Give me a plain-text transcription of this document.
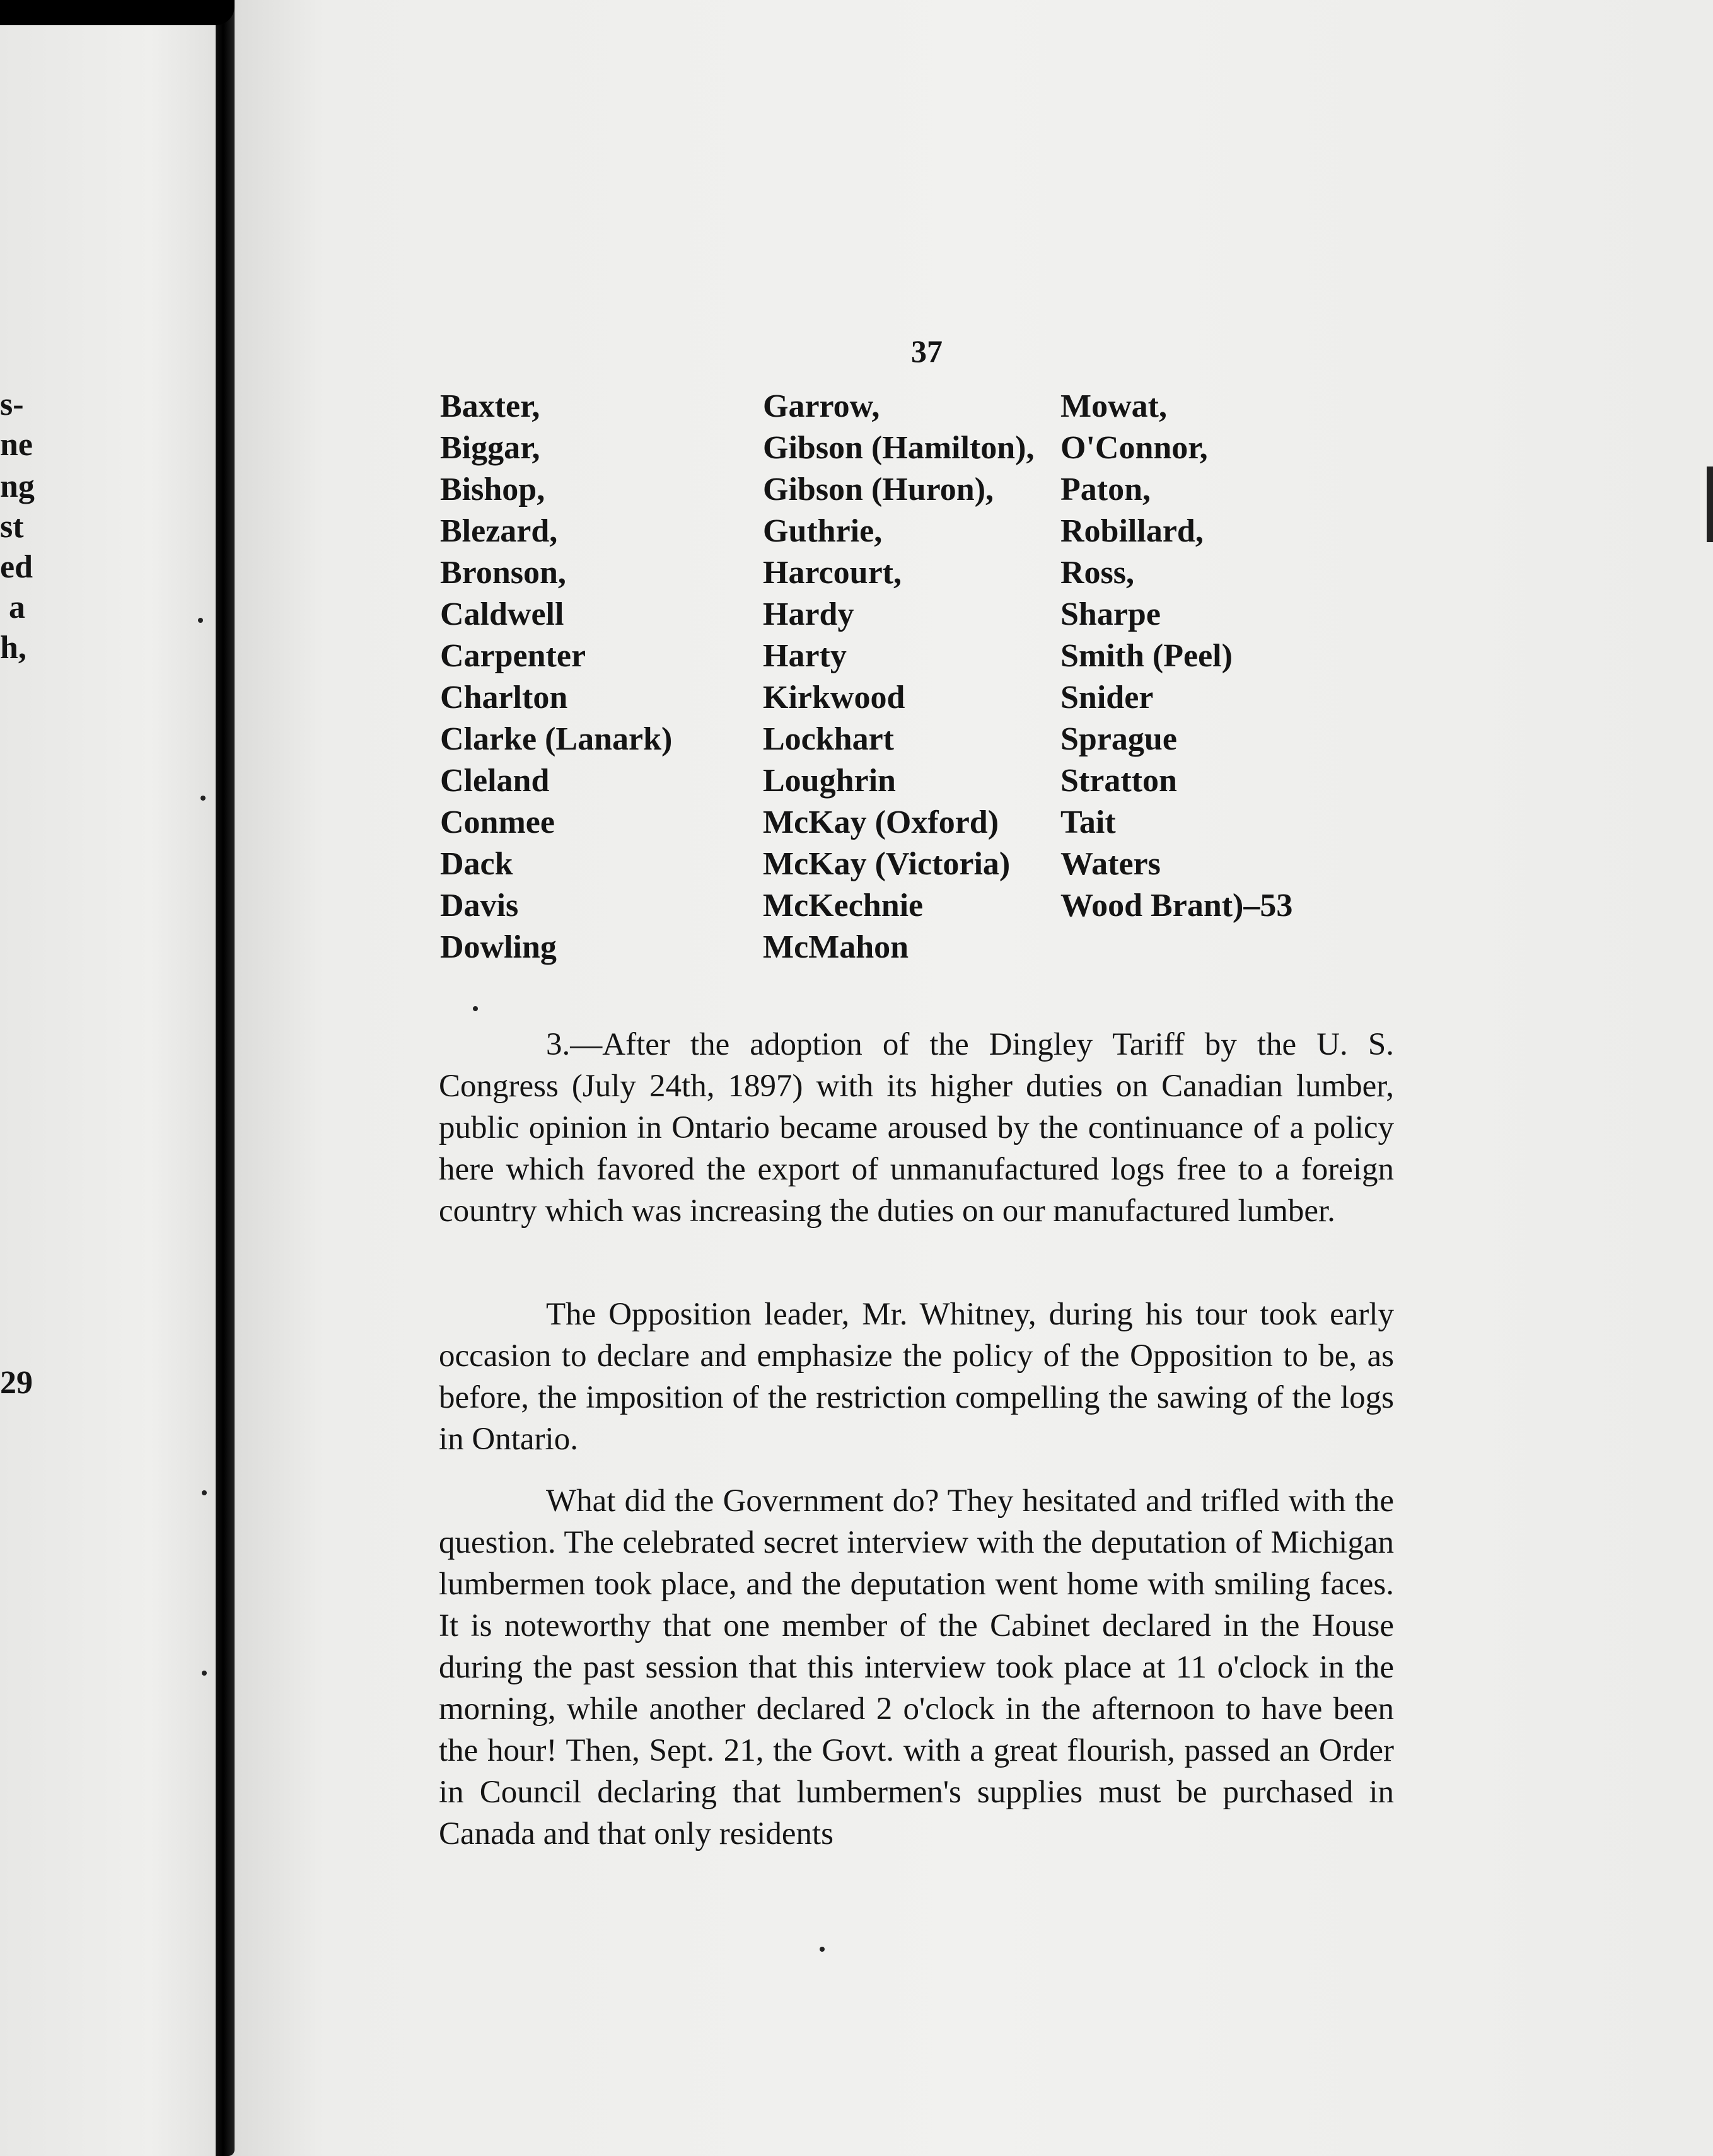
s-
ne
ng
st
ed
a
h,
29
37
Baxter,
Biggar,
Bishop,
Blezard,
Bronson,
Caldwell
Carpenter
Charlton
Clarke (Lanark)
Cleland
Conmee
Dack
Davis
Dowling
Garrow,
Gibson (Hamilton),
Gibson (Huron),
Guthrie,
Harcourt,
Hardy
Harty
Kirkwood
Lockhart
Loughrin
McKay (Oxford)
McKay (Victoria)
McKechnie
McMahon
Mowat,
O'Connor,
Paton,
Robillard,
Ross,
Sharpe
Smith (Peel)
Snider
Sprague
Stratton
Tait
Waters
Wood Brant)–53

3.—After the adoption of the Dingley Tariff by the U. S. Congress (July 24th, 1897) with its higher duties on Canadian lumber, public opinion in Ontario became aroused by the continuance of a policy here which favored the export of unmanufactured logs free to a foreign country which was increasing the duties on our manufactured lumber.

The Opposition leader, Mr. Whitney, during his tour took early occasion to declare and emphasize the policy of the Opposition to be, as before, the imposition of the restriction compelling the sawing of the logs in Ontario.

What did the Government do? They hesitated and trifled with the question. The celebrated secret interview with the deputation of Michigan lumbermen took place, and the deputation went home with smiling faces. It is noteworthy that one member of the Cabinet declared in the House during the past session that this interview took place at 11 o'clock in the morning, while another declared 2 o'clock in the afternoon to have been the hour! Then, Sept. 21, the Govt. with a great flourish, passed an Order in Council declaring that lumbermen's supplies must be purchased in Canada and that only residents
